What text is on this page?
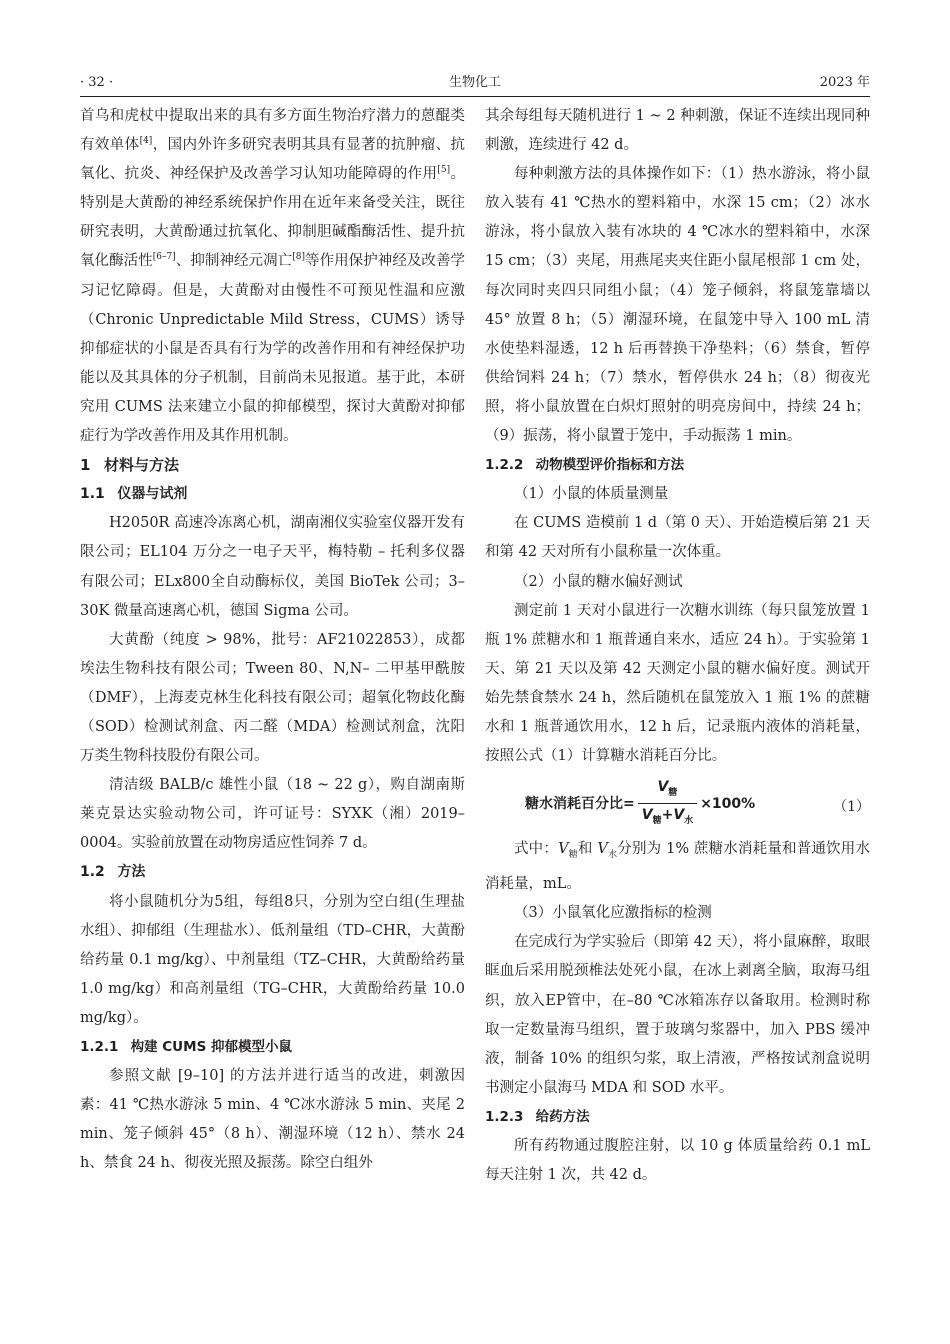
· 32 ·	生物化工	2023 年

首乌和虎杖中提取出来的具有多方面生物治疗潜力的蒽醌类有效单体[4]，国内外许多研究表明其具有显著的抗肿瘤、抗氧化、抗炎、神经保护及改善学习认知功能障碍的作用[5]。特别是大黄酚的神经系统保护作用在近年来备受关注，既往研究表明，大黄酚通过抗氧化、抑制胆碱酯酶活性、提升抗氧化酶活性[6–7]、抑制神经元凋亡[8]等作用保护神经及改善学习记忆障碍。但是，大黄酚对由慢性不可预见性温和应激（Chronic Unpredictable Mild Stress，CUMS）诱导抑郁症状的小鼠是否具有行为学的改善作用和有神经保护功能以及其具体的分子机制，目前尚未见报道。基于此，本研究用 CUMS 法来建立小鼠的抑郁模型，探讨大黄酚对抑郁症行为学改善作用及其作用机制。

1 材料与方法
1.1 仪器与试剂

H2050R 高速冷冻离心机，湖南湘仪实验室仪器开发有限公司；EL104 万分之一电子天平，梅特勒 – 托利多仪器有限公司；ELx800全自动酶标仪，美国 BioTek 公司；3–30K 微量高速离心机，德国 Sigma 公司。

大黄酚（纯度 > 98%，批号：AF21022853），成都埃法生物科技有限公司；Tween 80、N,N– 二甲基甲酰胺（DMF），上海麦克林生化科技有限公司；超氧化物歧化酶（SOD）检测试剂盒、丙二醛（MDA）检测试剂盒，沈阳万类生物科技股份有限公司。

清洁级 BALB/c 雄性小鼠（18 ~ 22 g），购自湖南斯莱克景达实验动物公司，许可证号：SYXK（湘）2019–0004。实验前放置在动物房适应性饲养 7 d。

1.2 方法

将小鼠随机分为5组，每组8只，分别为空白组(生理盐水组）、抑郁组（生理盐水）、低剂量组（TD–CHR，大黄酚给药量 0.1 mg/kg）、中剂量组（TZ–CHR，大黄酚给药量 1.0 mg/kg）和高剂量组（TG–CHR，大黄酚给药量 10.0 mg/kg）。

1.2.1 构建 CUMS 抑郁模型小鼠

参照文献 [9–10] 的方法并进行适当的改进，刺激因素：41 ℃热水游泳 5 min、4 ℃冰水游泳 5 min、夹尾 2 min、笼子倾斜 45°（8 h）、潮湿环境（12 h）、禁水 24 h、禁食 24 h、彻夜光照及振荡。除空白组外

其余每组每天随机进行 1 ~ 2 种刺激，保证不连续出现同种刺激，连续进行 42 d。

每种刺激方法的具体操作如下：（1）热水游泳，将小鼠放入装有 41 ℃热水的塑料箱中，水深 15 cm；（2）冰水游泳，将小鼠放入装有冰块的 4 ℃冰水的塑料箱中，水深 15 cm；（3）夹尾，用燕尾夹夹住距小鼠尾根部 1 cm 处，每次同时夹四只同组小鼠；（4）笼子倾斜，将鼠笼靠墙以 45° 放置 8 h；（5）潮湿环境，在鼠笼中导入 100 mL 清水使垫料湿透，12 h 后再替换干净垫料；（6）禁食，暂停供给饲料 24 h；（7）禁水，暂停供水 24 h；（8）彻夜光照，将小鼠放置在白炽灯照射的明亮房间中，持续 24 h；（9）振荡，将小鼠置于笼中，手动振荡 1 min。

1.2.2 动物模型评价指标和方法

（1）小鼠的体质量测量

在 CUMS 造模前 1 d（第 0 天）、开始造模后第 21 天和第 42 天对所有小鼠称量一次体重。

（2）小鼠的糖水偏好测试

测定前 1 天对小鼠进行一次糖水训练（每只鼠笼放置 1 瓶 1% 蔗糖水和 1 瓶普通自来水，适应 24 h）。于实验第 1 天、第 21 天以及第 42 天测定小鼠的糖水偏好度。测试开始先禁食禁水 24 h，然后随机在鼠笼放入 1 瓶 1% 的蔗糖水和 1 瓶普通饮用水，12 h 后，记录瓶内液体的消耗量，按照公式（1）计算糖水消耗百分比。

糖水消耗百分比= $\frac{V_糖}{V_糖+V_水} \times 100\%$	（1）

式中：$V_糖$和 $V_水$分别为 1% 蔗糖水消耗量和普通饮用水消耗量，mL。

（3）小鼠氧化应激指标的检测

在完成行为学实验后（即第 42 天），将小鼠麻醉，取眼眶血后采用脱颈椎法处死小鼠，在冰上剥离全脑，取海马组织，放入EP管中，在–80 ℃冰箱冻存以备取用。检测时称取一定数量海马组织，置于玻璃匀浆器中，加入 PBS 缓冲液，制备 10% 的组织匀浆，取上清液，严格按试剂盒说明书测定小鼠海马 MDA 和 SOD 水平。

1.2.3 给药方法

所有药物通过腹腔注射，以 10 g 体质量给药 0.1 mL 每天注射 1 次，共 42 d。
